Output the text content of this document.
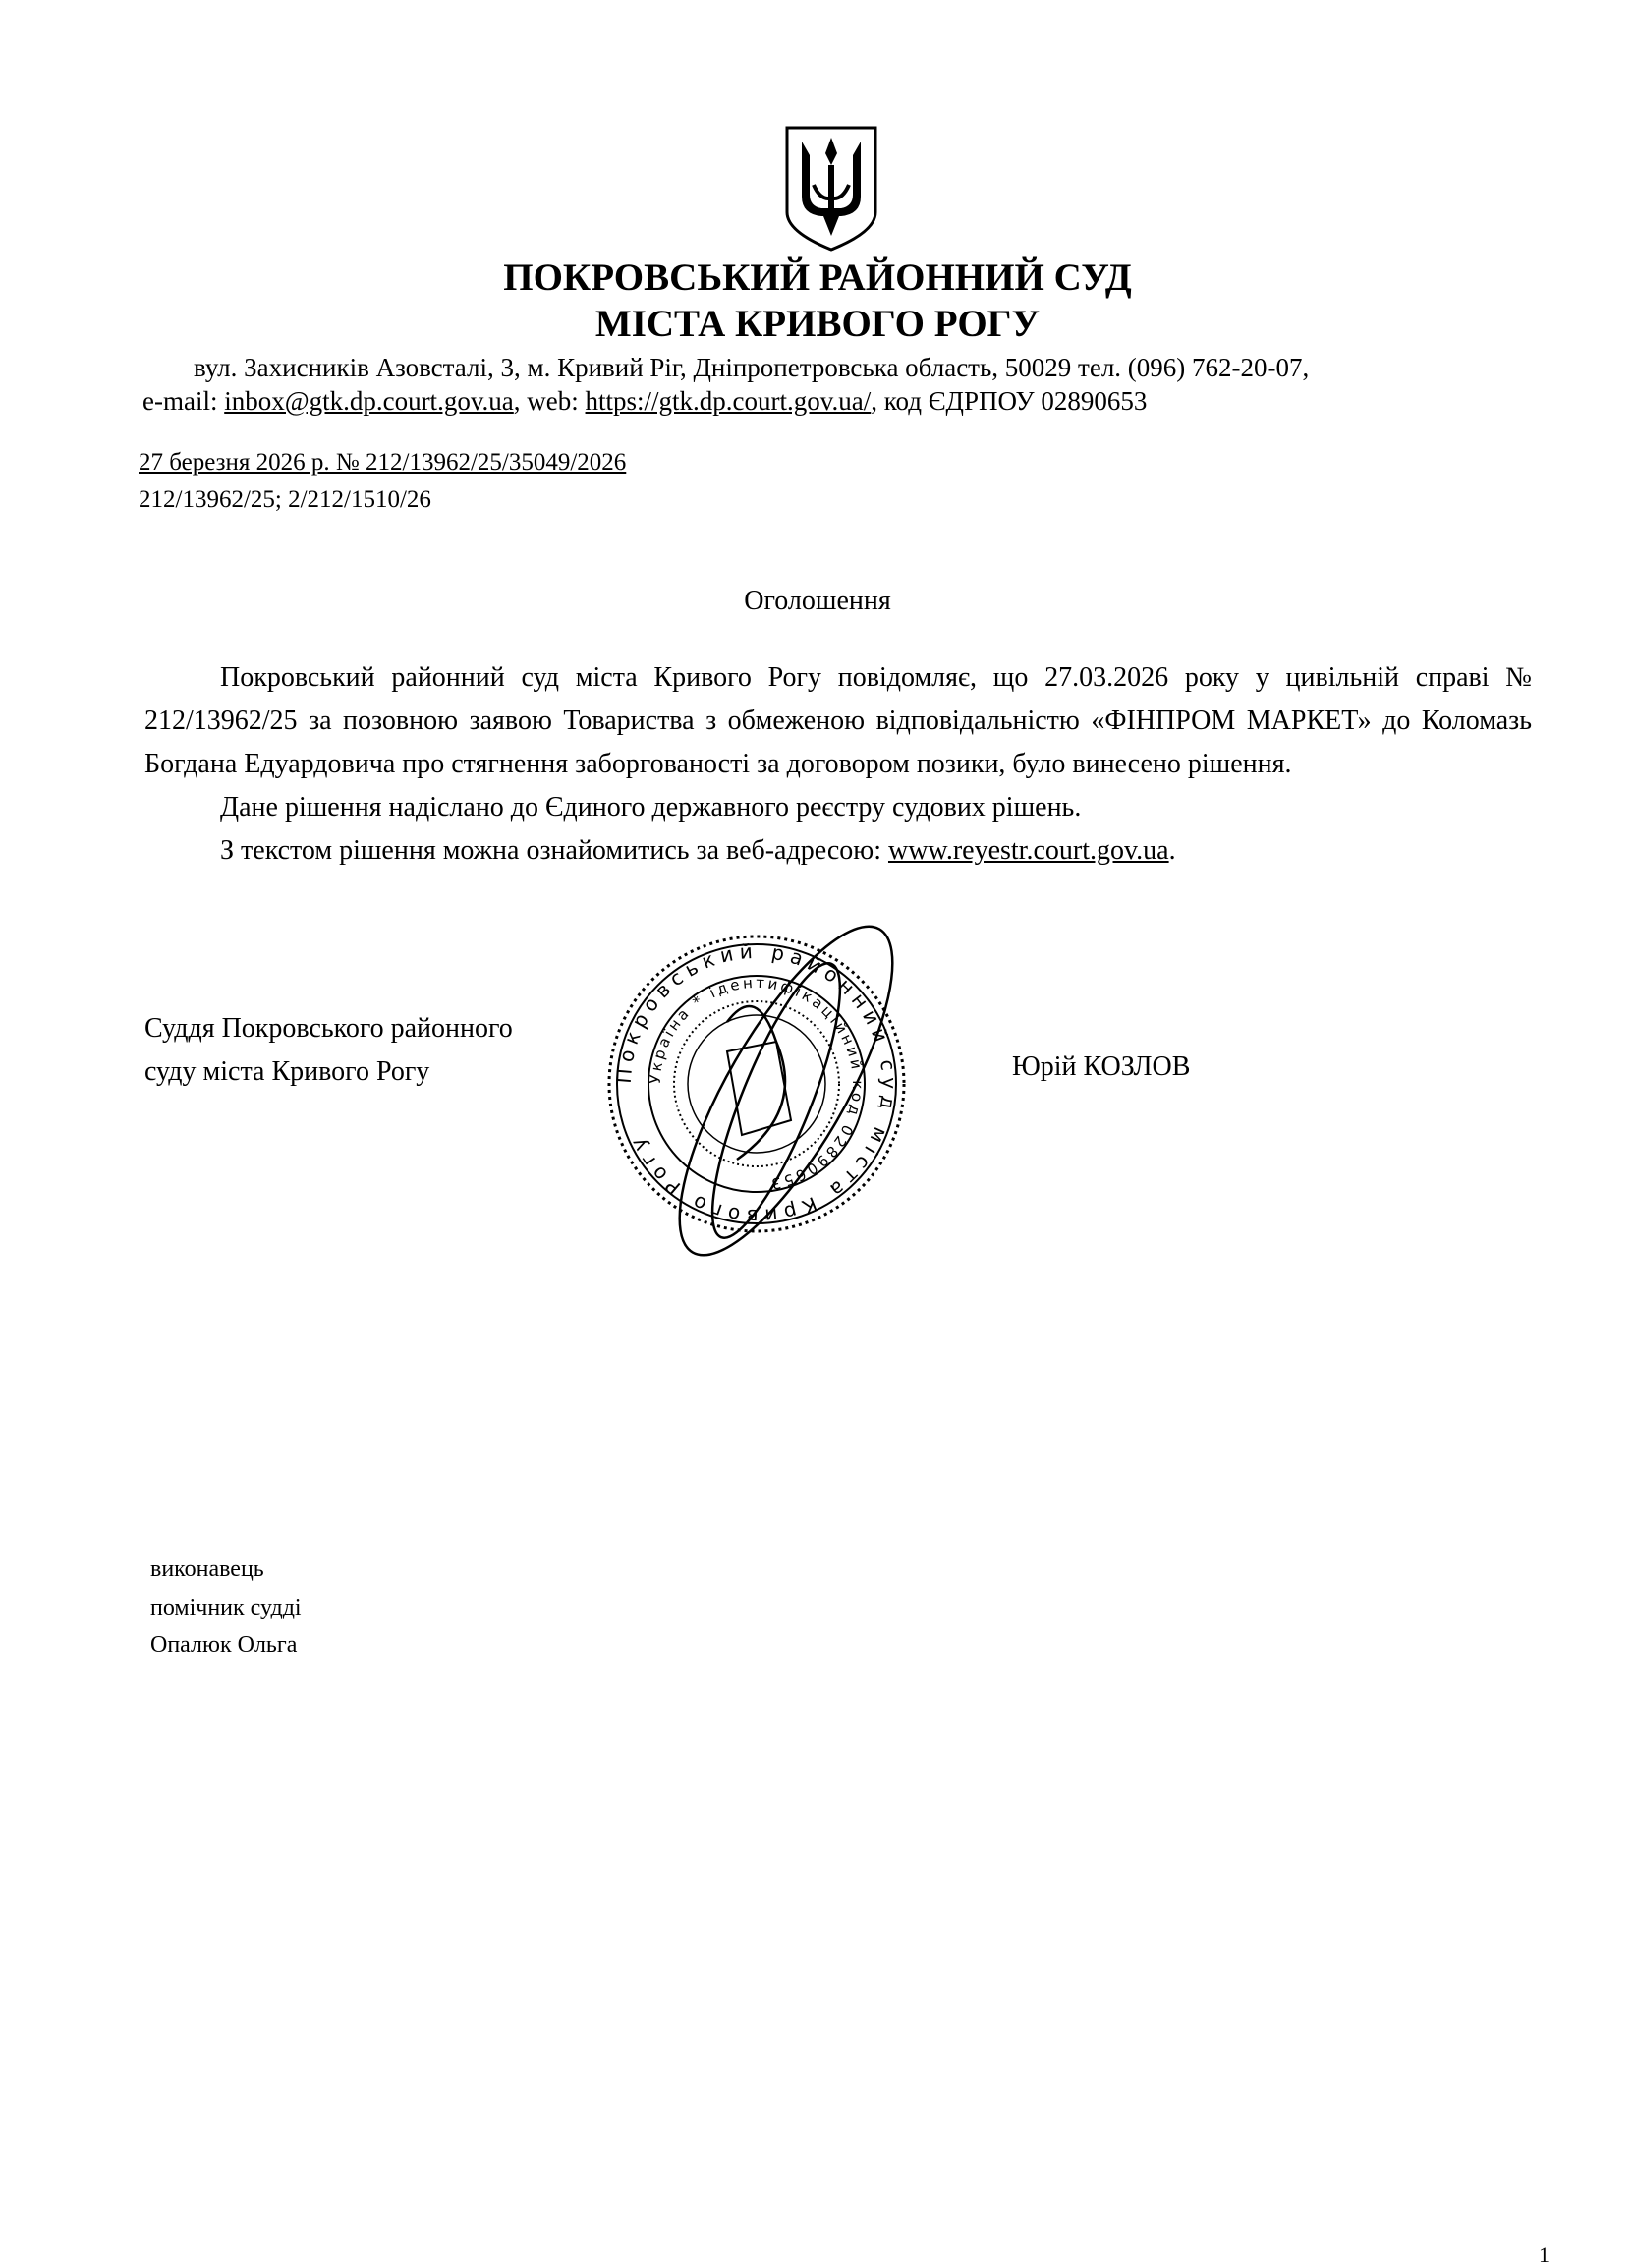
ПОКРОВСЬКИЙ РАЙОННИЙ СУД
МІСТА КРИВОГО РОГУ
вул. Захисників Азовсталі, 3, м. Кривий Ріг, Дніпропетровська область, 50029 тел. (096) 762-20-07,
e-mail: inbox@gtk.dp.court.gov.ua, web: https://gtk.dp.court.gov.ua/, код ЄДРПОУ 02890653
27 березня 2026 р. № 212/13962/25/35049/2026
212/13962/25; 2/212/1510/26
Оголошення

Покровський районний суд міста Кривого Рогу повідомляє, що 27.03.2026 року у цивільній справі № 212/13962/25 за позовною заявою Товариства з обмеженою відповідальністю «ФІНПРОМ МАРКЕТ» до Коломазь Богдана Едуардовича про стягнення заборгованості за договором позики, було винесено рішення.

Дане рішення надіслано до Єдиного державного реєстру судових рішень.

З текстом рішення можна ознайомитись за веб-адресою: www.reyestr.court.gov.ua.

Суддя Покровського районного
суду міста Кривого Рогу	Юрій КОЗЛОВ
Покровський районний суд міста Кривого Рогу
Україна * ідентифікаційний код 02890653
виконавець
помічник судді
Опалюк Ольга
1
